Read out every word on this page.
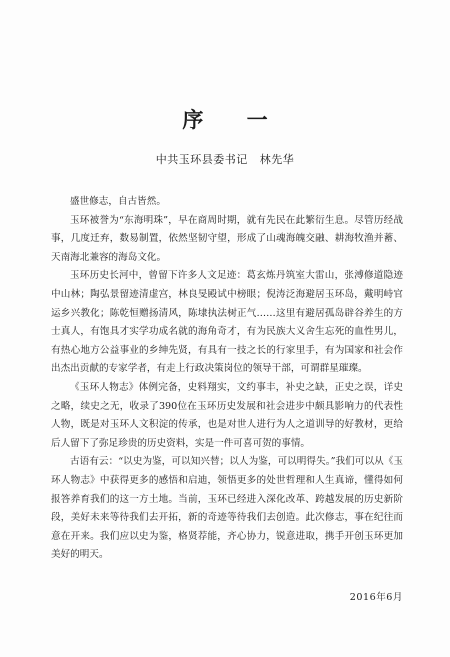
序 一
中共玉环县委书记 林先华

盛世修志，自古皆然。

玉环被誉为“东海明珠”，早在商周时期，就有先民在此繁衍生息。尽管历经战事，几度迁弃，数易制置，依然坚韧守望，形成了山魂海魄交融、耕海牧渔并蓄、天南海北兼容的海岛文化。

玉环历史长河中，曾留下许多人文足迹：葛玄炼丹筑室大雷山，张溥修道隐迹中山林；陶弘景留迹清虚宫，林良旻殿试中榜眼；倪涛泛海避居玉环岛，戴明峙官运乡兴教化；陈乾恒赠扬清风，陈埭执法树正气……这里有避居孤岛辟谷养生的方士真人，有饱具才实学功成名就的海角奇才，有为民族大义舍生忘死的血性男儿，有热心地方公益事业的乡绅先贤，有具有一技之长的行家里手，有为国家和社会作出杰出贡献的专家学者，有走上行政决策岗位的领导干部，可谓群星璀璨。

《玉环人物志》体例完备，史料翔实，文约事丰，补史之缺，正史之误，详史之略，续史之无，收录了390位在玉环历史发展和社会进步中颇具影响力的代表性人物，既是对玉环人文积淀的传承，也是对世人进行为人之道训导的好教材，更给后人留下了弥足珍贵的历史资料，实是一件可喜可贺的事情。

古语有云：“以史为鉴，可以知兴替；以人为鉴，可以明得失。”我们可以从《玉环人物志》中获得更多的感悟和启迪，领悟更多的处世哲理和人生真谛，懂得如何报答养育我们的这一方土地。当前，玉环已经进入深化改革、跨越发展的历史新阶段，美好未来等待我们去开拓，新的奇迹等待我们去创造。此次修志，事在纪往而意在开来。我们应以史为鉴，格贤荐能，齐心协力，锐意进取，携手开创玉环更加美好的明天。

2016年6月
